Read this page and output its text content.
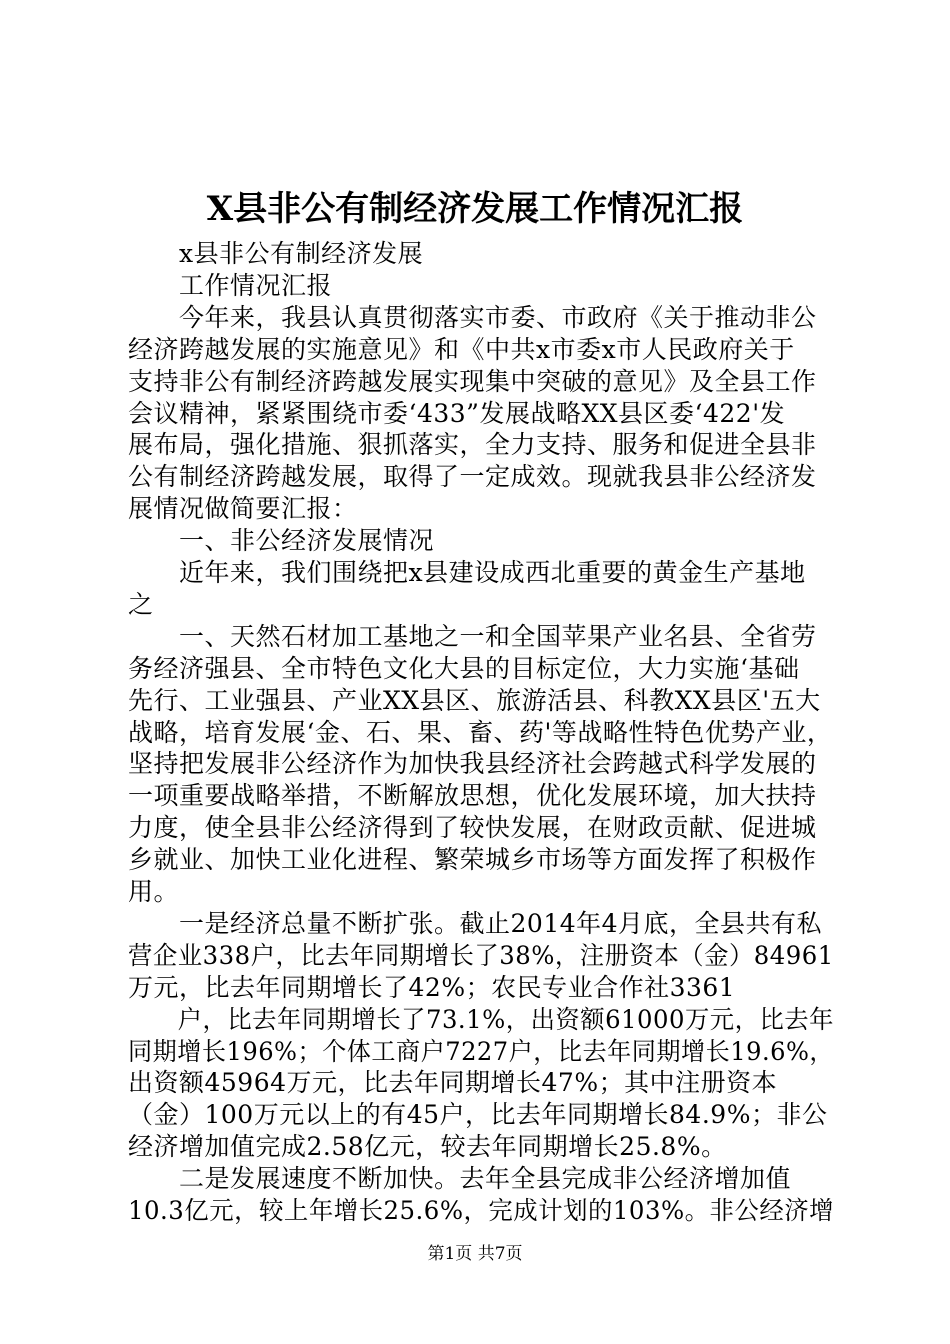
X县非公有制经济发展工作情况汇报
　　x县非公有制经济发展
　　工作情况汇报
　　今年来，我县认真贯彻落实市委、市政府《关于推动非公
经济跨越发展的实施意见》和《中共x市委x市人民政府关于
支持非公有制经济跨越发展实现集中突破的意见》及全县工作
会议精神，紧紧围绕市委‘433”发展战略XX县区委‘422'发
展布局，强化措施、狠抓落实，全力支持、服务和促进全县非
公有制经济跨越发展，取得了一定成效。现就我县非公经济发
展情况做简要汇报：
　　一、非公经济发展情况
　　近年来，我们围绕把x县建设成西北重要的黄金生产基地
之
　　一、天然石材加工基地之一和全国苹果产业名县、全省劳
务经济强县、全市特色文化大县的目标定位，大力实施‘基础
先行、工业强县、产业XX县区、旅游活县、科教XX县区'五大
战略，培育发展‘金、石、果、畜、药'等战略性特色优势产业，
坚持把发展非公经济作为加快我县经济社会跨越式科学发展的
一项重要战略举措，不断解放思想，优化发展环境，加大扶持
力度，使全县非公经济得到了较快发展，在财政贡献、促进城
乡就业、加快工业化进程、繁荣城乡市场等方面发挥了积极作
用。
　　一是经济总量不断扩张。截止2014年4月底，全县共有私
营企业338户，比去年同期增长了38%，注册资本（金）84961
万元，比去年同期增长了42%；农民专业合作社3361
　　户，比去年同期增长了73.1%，出资额61000万元，比去年
同期增长196%；个体工商户7227户，比去年同期增长19.6%，
出资额45964万元，比去年同期增长47%；其中注册资本
（金）100万元以上的有45户，比去年同期增长84.9%；非公
经济增加值完成2.58亿元，较去年同期增长25.8%。
　　二是发展速度不断加快。去年全县完成非公经济增加值
10.3亿元，较上年增长25.6%，完成计划的103%。非公经济增
第1页 共7页
